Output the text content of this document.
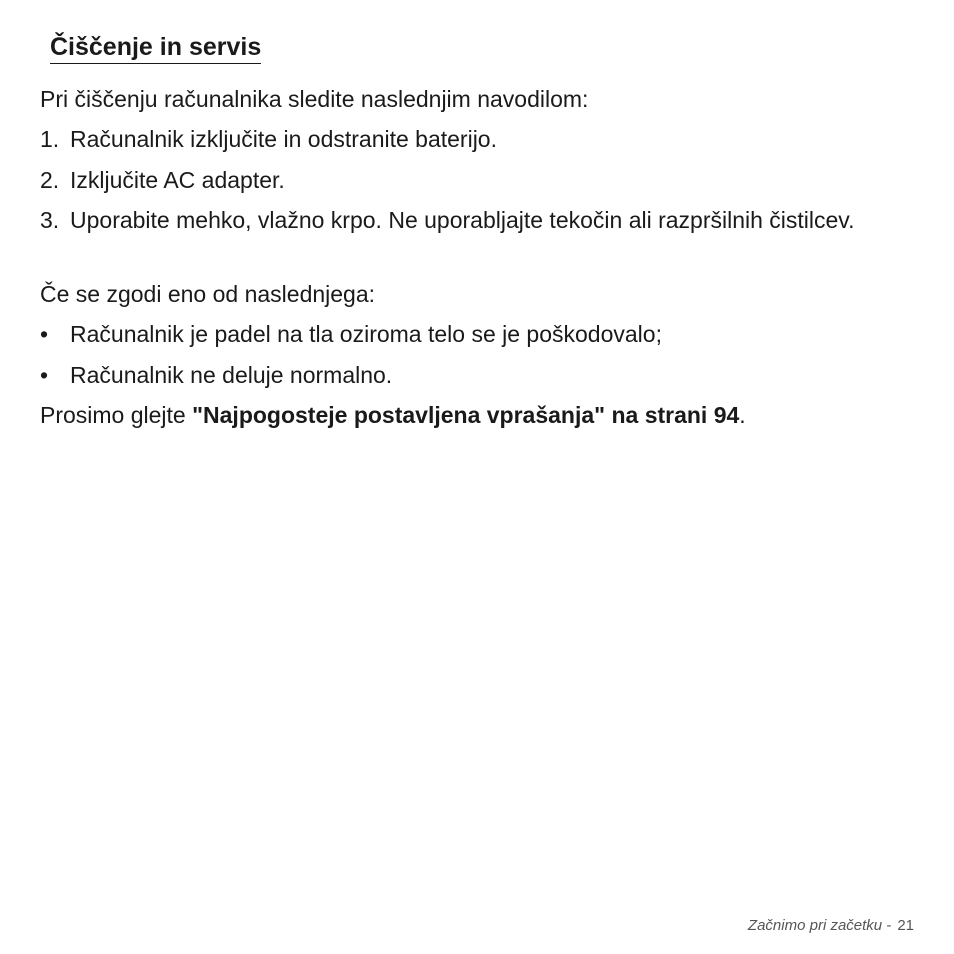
Čiščenje in servis
Pri čiščenju računalnika sledite naslednjim navodilom:
1. Računalnik izklјučite in odstranite baterijo.
2. Izključite AC adapter.
3. Uporabite mehko, vlažno krpo. Ne uporabljajte tekočin ali razpršilnih čistilcev.
Če se zgodi eno od naslednjega:
• Računalnik je padel na tla oziroma telo se je poškodovalo;
• Računalnik ne deluje normalno.
Prosimo glejte "Najpogosteje postavljena vprašanja" na strani 94.
Začnimo pri začetku - 21
